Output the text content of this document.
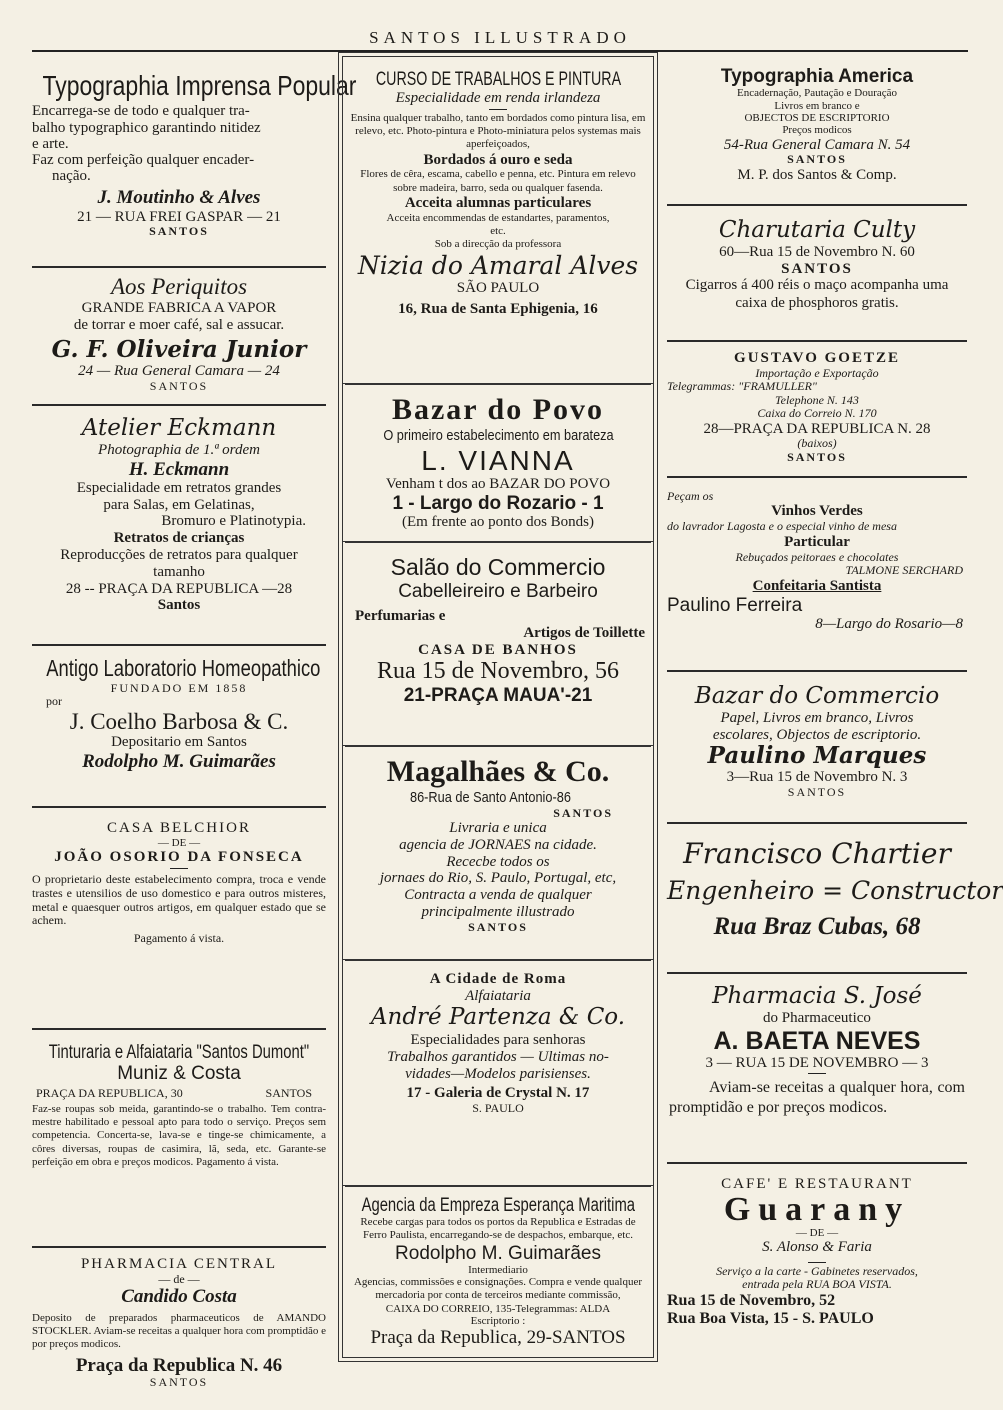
SANTOS ILLUSTRADO
Typographia Imprensa Popular
Encarrega-se de todo e qualquer tra-
balho typographico garantindo nitidez
e arte.
Faz com perfeição qualquer encader-
nação.
J. Moutinho & Alves
21 — RUA FREI GASPAR — 21
SANTOS
Aos Periquitos
GRANDE FABRICA A VAPOR
de torrar e moer café, sal e assucar.
G. F. Oliveira Junior
24 — Rua General Camara — 24
SANTOS
Atelier Eckmann
Photographia de 1.ª ordem
H. Eckmann
Especialidade em retratos grandes
para Salas, em Gelatinas,
Bromuro e Platinotypia.
Retratos de crianças
Reproducções de retratos para qualquer
tamanho
28 -- PRAÇA DA REPUBLICA —28
Santos
Antigo Laboratorio Homeopathico
FUNDADO EM 1858
por
J. Coelho Barbosa & C.
Depositario em Santos
Rodolpho M. Guimarães
CASA BELCHIOR
— DE —
JOÃO OSORIO DA FONSECA
O proprietario deste estabelecimento compra, troca e vende trastes e utensilios de uso domestico e para outros misteres, metal e quaesquer outros artigos, em qualquer estado que se achem.
Pagamento á vista.
Tinturaria e Alfaiataria "Santos Dumont"
Muniz & Costa
PRAÇA DA REPUBLICA, 30	SANTOS
Faz-se roupas sob meida, garantindo-se o trabalho. Tem contra-mestre habilitado e pessoal apto para todo o serviço. Preços sem competencia. Concerta-se, lava-se e tinge-se chimicamente, a côres diversas, roupas de casimira, lã, seda, etc. Garante-se perfeição em obra e preços modicos. Pagamento á vista.
PHARMACIA CENTRAL
— de —
Candido Costa
Deposito de preparados pharmaceuticos de AMANDO STOCKLER. Aviam-se receitas a qualquer hora com promptidão e por preços modicos.
Praça da Republica N. 46
SANTOS
CURSO DE TRABALHOS E PINTURA
Especialidade em renda irlandeza
Ensina qualquer trabalho, tanto em bordados como pintura lisa, em relevo, etc. Photo-pintura e Photo-miniatura pelos systemas mais aperfeiçoados,
Bordados á ouro e seda
Flores de cêra, escama, cabello e penna, etc. Pintura em relevo sobre madeira, barro, seda ou qualquer fasenda.
Acceita alumnas particulares
Acceita encommendas de estandartes, paramentos, etc.
Sob a direcção da professora
Nizia do Amaral Alves
SÃO PAULO
16, Rua de Santa Ephigenia, 16
Bazar do Povo
O primeiro estabelecimento em barateza
L. VIANNA
Venham t dos ao BAZAR DO POVO
1 - Largo do Rozario - 1
(Em frente ao ponto dos Bonds)
Salão do Commercio
Cabelleireiro e Barbeiro
Perfumarias e
Artigos de Toillette
CASA DE BANHOS
Rua 15 de Novembro, 56
21-PRAÇA MAUA'-21
Magalhães & Co.
86-Rua de Santo Antonio-86
SANTOS
Livraria e unica
agencia de JORNAES na cidade.
Rececbe todos os
jornaes do Rio, S. Paulo, Portugal, etc,
Contracta a venda de qualquer
principalmente illustrado
SANTOS
A Cidade de Roma
Alfaiataria
André Partenza & Co.
Especialidades para senhoras
Trabalhos garantidos — Ultimas no-
vidades—Modelos parisienses.
17 - Galeria de Crystal N. 17
S. PAULO
Agencia da Empreza Esperança Maritima
Recebe cargas para todos os portos da Republica e Estradas de Ferro Paulista, encarregando-se de despachos, embarque, etc.
Rodolpho M. Guimarães
Intermediario
Agencias, commissões e consignações. Compra e vende qualquer mercadoria por conta de terceiros mediante commissão,
CAIXA DO CORREIO, 135-Telegrammas: ALDA
Escriptorio :
Praça da Republica, 29-SANTOS
Typographia America
Encadernação, Pautação e Douração
Livros em branco e
OBJECTOS DE ESCRIPTORIO
Preços modicos
54-Rua General Camara N. 54
SANTOS
M. P. dos Santos & Comp.
Charutaria Culty
60—Rua 15 de Novembro N. 60
SANTOS
Cigarros á 400 réis o maço acompanha uma caixa de phosphoros gratis.
GUSTAVO GOETZE
Importação e Exportação
Telegrammas: "FRAMULLER"
Telephone N. 143
Caixa do Correio N. 170
28—PRAÇA DA REPUBLICA N. 28
(baixos)
SANTOS
Peçam os
Vinhos Verdes
do lavrador Lagosta e o especial vinho de mesa
Particular
Rebuçados peitoraes e chocolates
TALMONE SERCHARD
Confeitaria Santista
Paulino Ferreira
8—Largo do Rosario—8
Bazar do Commercio
Papel, Livros em branco, Livros
escolares, Objectos de escriptorio.
Paulino Marques
3—Rua 15 de Novembro N. 3
SANTOS
Francisco Chartier
Engenheiro = Constructor
Rua Braz Cubas, 68
Pharmacia S. José
do Pharmaceutico
A. BAETA NEVES
3 — RUA 15 DE NOVEMBRO — 3
Aviam-se receitas a qualquer hora, com promptidão e por preços modicos.
CAFE' E RESTAURANT
Guarany
— DE —
S. Alonso & Faria
Serviço a la carte - Gabinetes reservados,
entrada pela RUA BOA VISTA.
Rua 15 de Novembro, 52
Rua Boa Vista, 15 - S. PAULO
